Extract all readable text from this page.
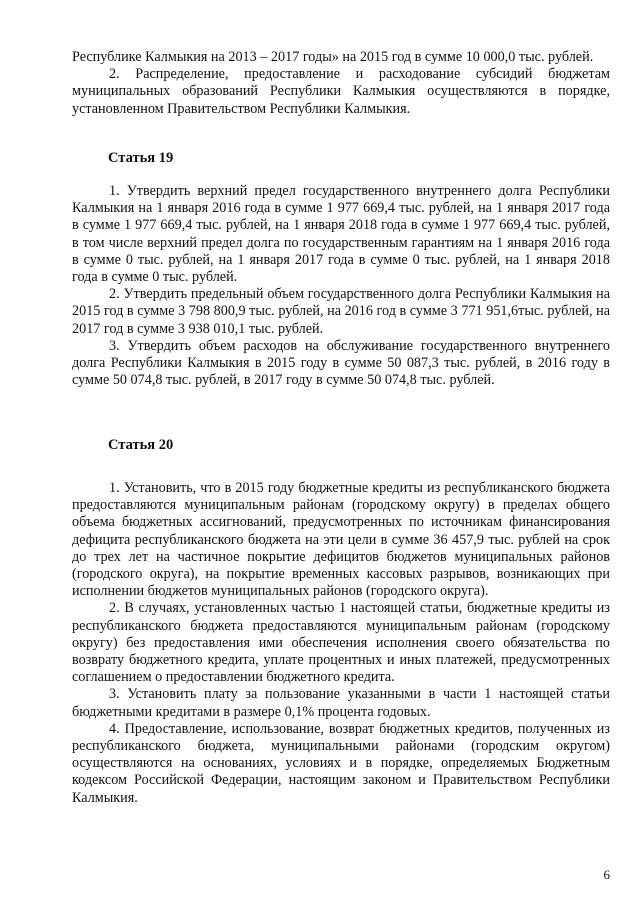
Республике Калмыкия на 2013 – 2017 годы» на 2015 год в сумме 10 000,0 тыс. рублей.

2. Распределение, предоставление и расходование субсидий бюджетам муниципальных образований Республики Калмыкия осуществляются в порядке, установленном Правительством Республики Калмыкия.

Статья 19

1. Утвердить верхний предел государственного внутреннего долга Республики Калмыкия на 1 января 2016 года в сумме 1 977 669,4 тыс. рублей, на 1 января 2017 года в сумме 1 977 669,4 тыс. рублей, на 1 января 2018 года в сумме 1 977 669,4 тыс. рублей, в том числе верхний предел долга по государственным гарантиям на 1 января 2016 года в сумме 0 тыс. рублей, на 1 января 2017 года в сумме 0 тыс. рублей, на 1 января 2018 года в сумме 0 тыс. рублей.

2. Утвердить предельный объем государственного долга Республики Калмыкия на 2015 год в сумме 3 798 800,9 тыс. рублей, на 2016 год в сумме 3 771 951,6тыс. рублей, на 2017 год в сумме 3 938 010,1 тыс. рублей.

3. Утвердить объем расходов на обслуживание государственного внутреннего долга Республики Калмыкия в 2015 году в сумме 50 087,3 тыс. рублей, в 2016 году в сумме 50 074,8 тыс. рублей, в 2017 году в сумме 50 074,8 тыс. рублей.

Статья 20

1. Установить, что в 2015 году бюджетные кредиты из республиканского бюджета предоставляются муниципальным районам (городскому округу) в пределах общего объема бюджетных ассигнований, предусмотренных по источникам финансирования дефицита республиканского бюджета на эти цели в сумме 36 457,9 тыс. рублей на срок до трех лет на частичное покрытие дефицитов бюджетов муниципальных районов (городского округа), на покрытие временных кассовых разрывов, возникающих при исполнении бюджетов муниципальных районов (городского округа).

2. В случаях, установленных частью 1 настоящей статьи, бюджетные кредиты из республиканского бюджета предоставляются муниципальным районам (городскому округу) без предоставления ими обеспечения исполнения своего обязательства по возврату бюджетного кредита, уплате процентных и иных платежей, предусмотренных соглашением о предоставлении бюджетного кредита.

3. Установить плату за пользование указанными в части 1 настоящей статьи бюджетными кредитами в размере 0,1% процента годовых.

4. Предоставление, использование, возврат бюджетных кредитов, полученных из республиканского бюджета, муниципальными районами (городским округом) осуществляются на основаниях, условиях и в порядке, определяемых Бюджетным кодексом Российской Федерации, настоящим законом и Правительством Республики Калмыкия.

6
